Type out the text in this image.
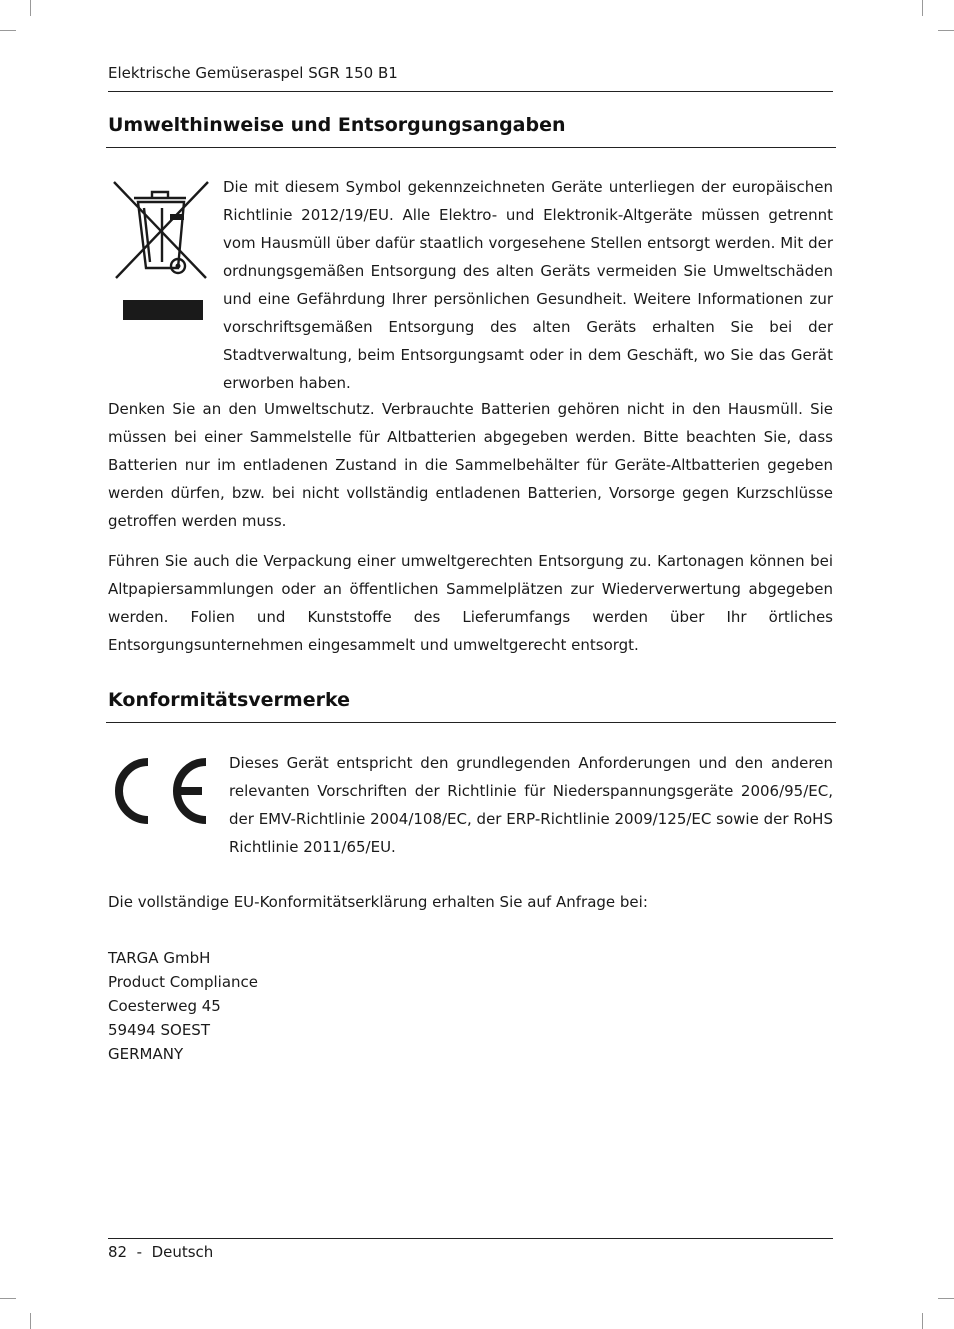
Elektrische Gemüseraspel SGR 150 B1
Umwelthinweise und Entsorgungsangaben
Die mit diesem Symbol gekennzeichneten Geräte unterliegen der europäischen Richtlinie 2012/19/EU. Alle Elektro- und Elektronik-Altgeräte müssen getrennt vom Hausmüll über dafür staatlich vorgesehene Stellen entsorgt werden. Mit der ordnungsgemäßen Entsorgung des alten Geräts vermeiden Sie Umweltschäden und eine Gefährdung Ihrer persönlichen Gesundheit. Weitere Informationen zur vorschriftsgemäßen Entsorgung des alten Geräts erhalten Sie bei der Stadtverwaltung, beim Entsorgungsamt oder in dem Geschäft, wo Sie das Gerät erworben haben.
Denken Sie an den Umweltschutz. Verbrauchte Batterien gehören nicht in den Hausmüll. Sie müssen bei einer Sammelstelle für Altbatterien abgegeben werden. Bitte beachten Sie, dass Batterien nur im entladenen Zustand in die Sammelbehälter für Geräte-Altbatterien gegeben werden dürfen, bzw. bei nicht vollständig entladenen Batterien, Vorsorge gegen Kurzschlüsse getroffen werden muss.
Führen Sie auch die Verpackung einer umweltgerechten Entsorgung zu. Kartonagen können bei Altpapiersammlungen oder an öffentlichen Sammelplätzen zur Wiederverwertung abgegeben werden. Folien und Kunststoffe des Lieferumfangs werden über Ihr örtliches Entsorgungsunternehmen eingesammelt und umweltgerecht entsorgt.
Konformitätsvermerke
Dieses Gerät entspricht den grundlegenden Anforderungen und den anderen relevanten Vorschriften der Richtlinie für Niederspannungsgeräte 2006/95/EC, der EMV-Richtlinie 2004/108/EC, der ERP-Richtlinie 2009/125/EC sowie der RoHS Richtlinie 2011/65/EU.
Die vollständige EU-Konformitätserklärung erhalten Sie auf Anfrage bei:
TARGA GmbH
Product Compliance
Coesterweg 45
59494 SOEST
GERMANY
82  -  Deutsch
